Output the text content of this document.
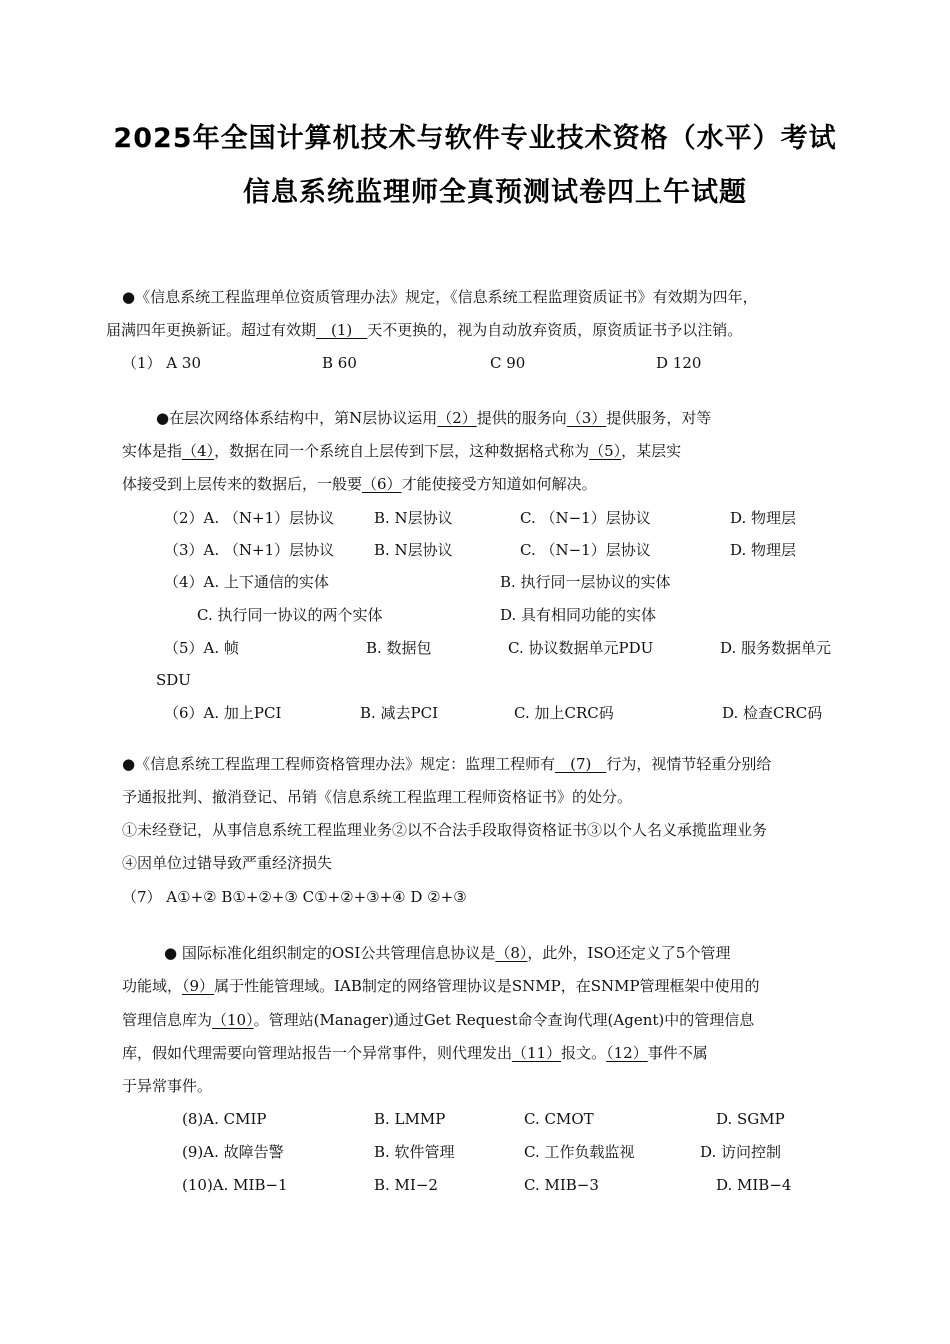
2025年全国计算机技术与软件专业技术资格（水平）考试
信息系统监理师全真预测试卷四上午试题
●《信息系统工程监理单位资质管理办法》规定，《信息系统工程监理资质证书》有效期为四年，
届满四年更换新证。超过有效期__(1)__天不更换的，视为自动放弃资质，原资质证书予以注销。
（1） A 30	B 60	C 90	D 120
●在层次网络体系结构中，第N层协议运用（2）提供的服务向（3）提供服务，对等
实体是指（4），数据在同一个系统自上层传到下层，这种数据格式称为（5），某层实
体接受到上层传来的数据后，一般要（6）才能使接受方知道如何解决。
（2）A. （N+1）层协议	B. N层协议	C. （N−1）层协议	D. 物理层
（3）A. （N+1）层协议	B. N层协议	C. （N−1）层协议	D. 物理层
（4）A. 上下通信的实体	B. 执行同一层协议的实体
C. 执行同一协议的两个实体	D. 具有相同功能的实体
（5）A. 帧	B. 数据包	C. 协议数据单元PDU	D. 服务数据单元
SDU
（6）A. 加上PCI	B. 减去PCI	C. 加上CRC码	D. 检查CRC码
●《信息系统工程监理工程师资格管理办法》规定：监理工程师有__(7)__行为，视情节轻重分别给
予通报批判、撤消登记、吊销《信息系统工程监理工程师资格证书》的处分。
①未经登记，从事信息系统工程监理业务②以不合法手段取得资格证书③以个人名义承揽监理业务
④因单位过错导致严重经济损失
（7） A①+② B①+②+③ C①+②+③+④ D ②+③
● 国际标准化组织制定的OSI公共管理信息协议是（8），此外，ISO还定义了5个管理
功能域，（9）属于性能管理域。IAB制定的网络管理协议是SNMP，在SNMP管理框架中使用的
管理信息库为（10）。管理站(Manager)通过Get Request命令查询代理(Agent)中的管理信息
库，假如代理需要向管理站报告一个异常事件，则代理发出（11）报文。（12）事件不属
于异常事件。
(8)A. CMIP	B. LMMP	C. CMOT	D. SGMP
(9)A. 故障告警	B. 软件管理	C. 工作负载监视	D. 访问控制
(10)A. MIB−1	B. MI−2	C. MIB−3	D. MIB−4
